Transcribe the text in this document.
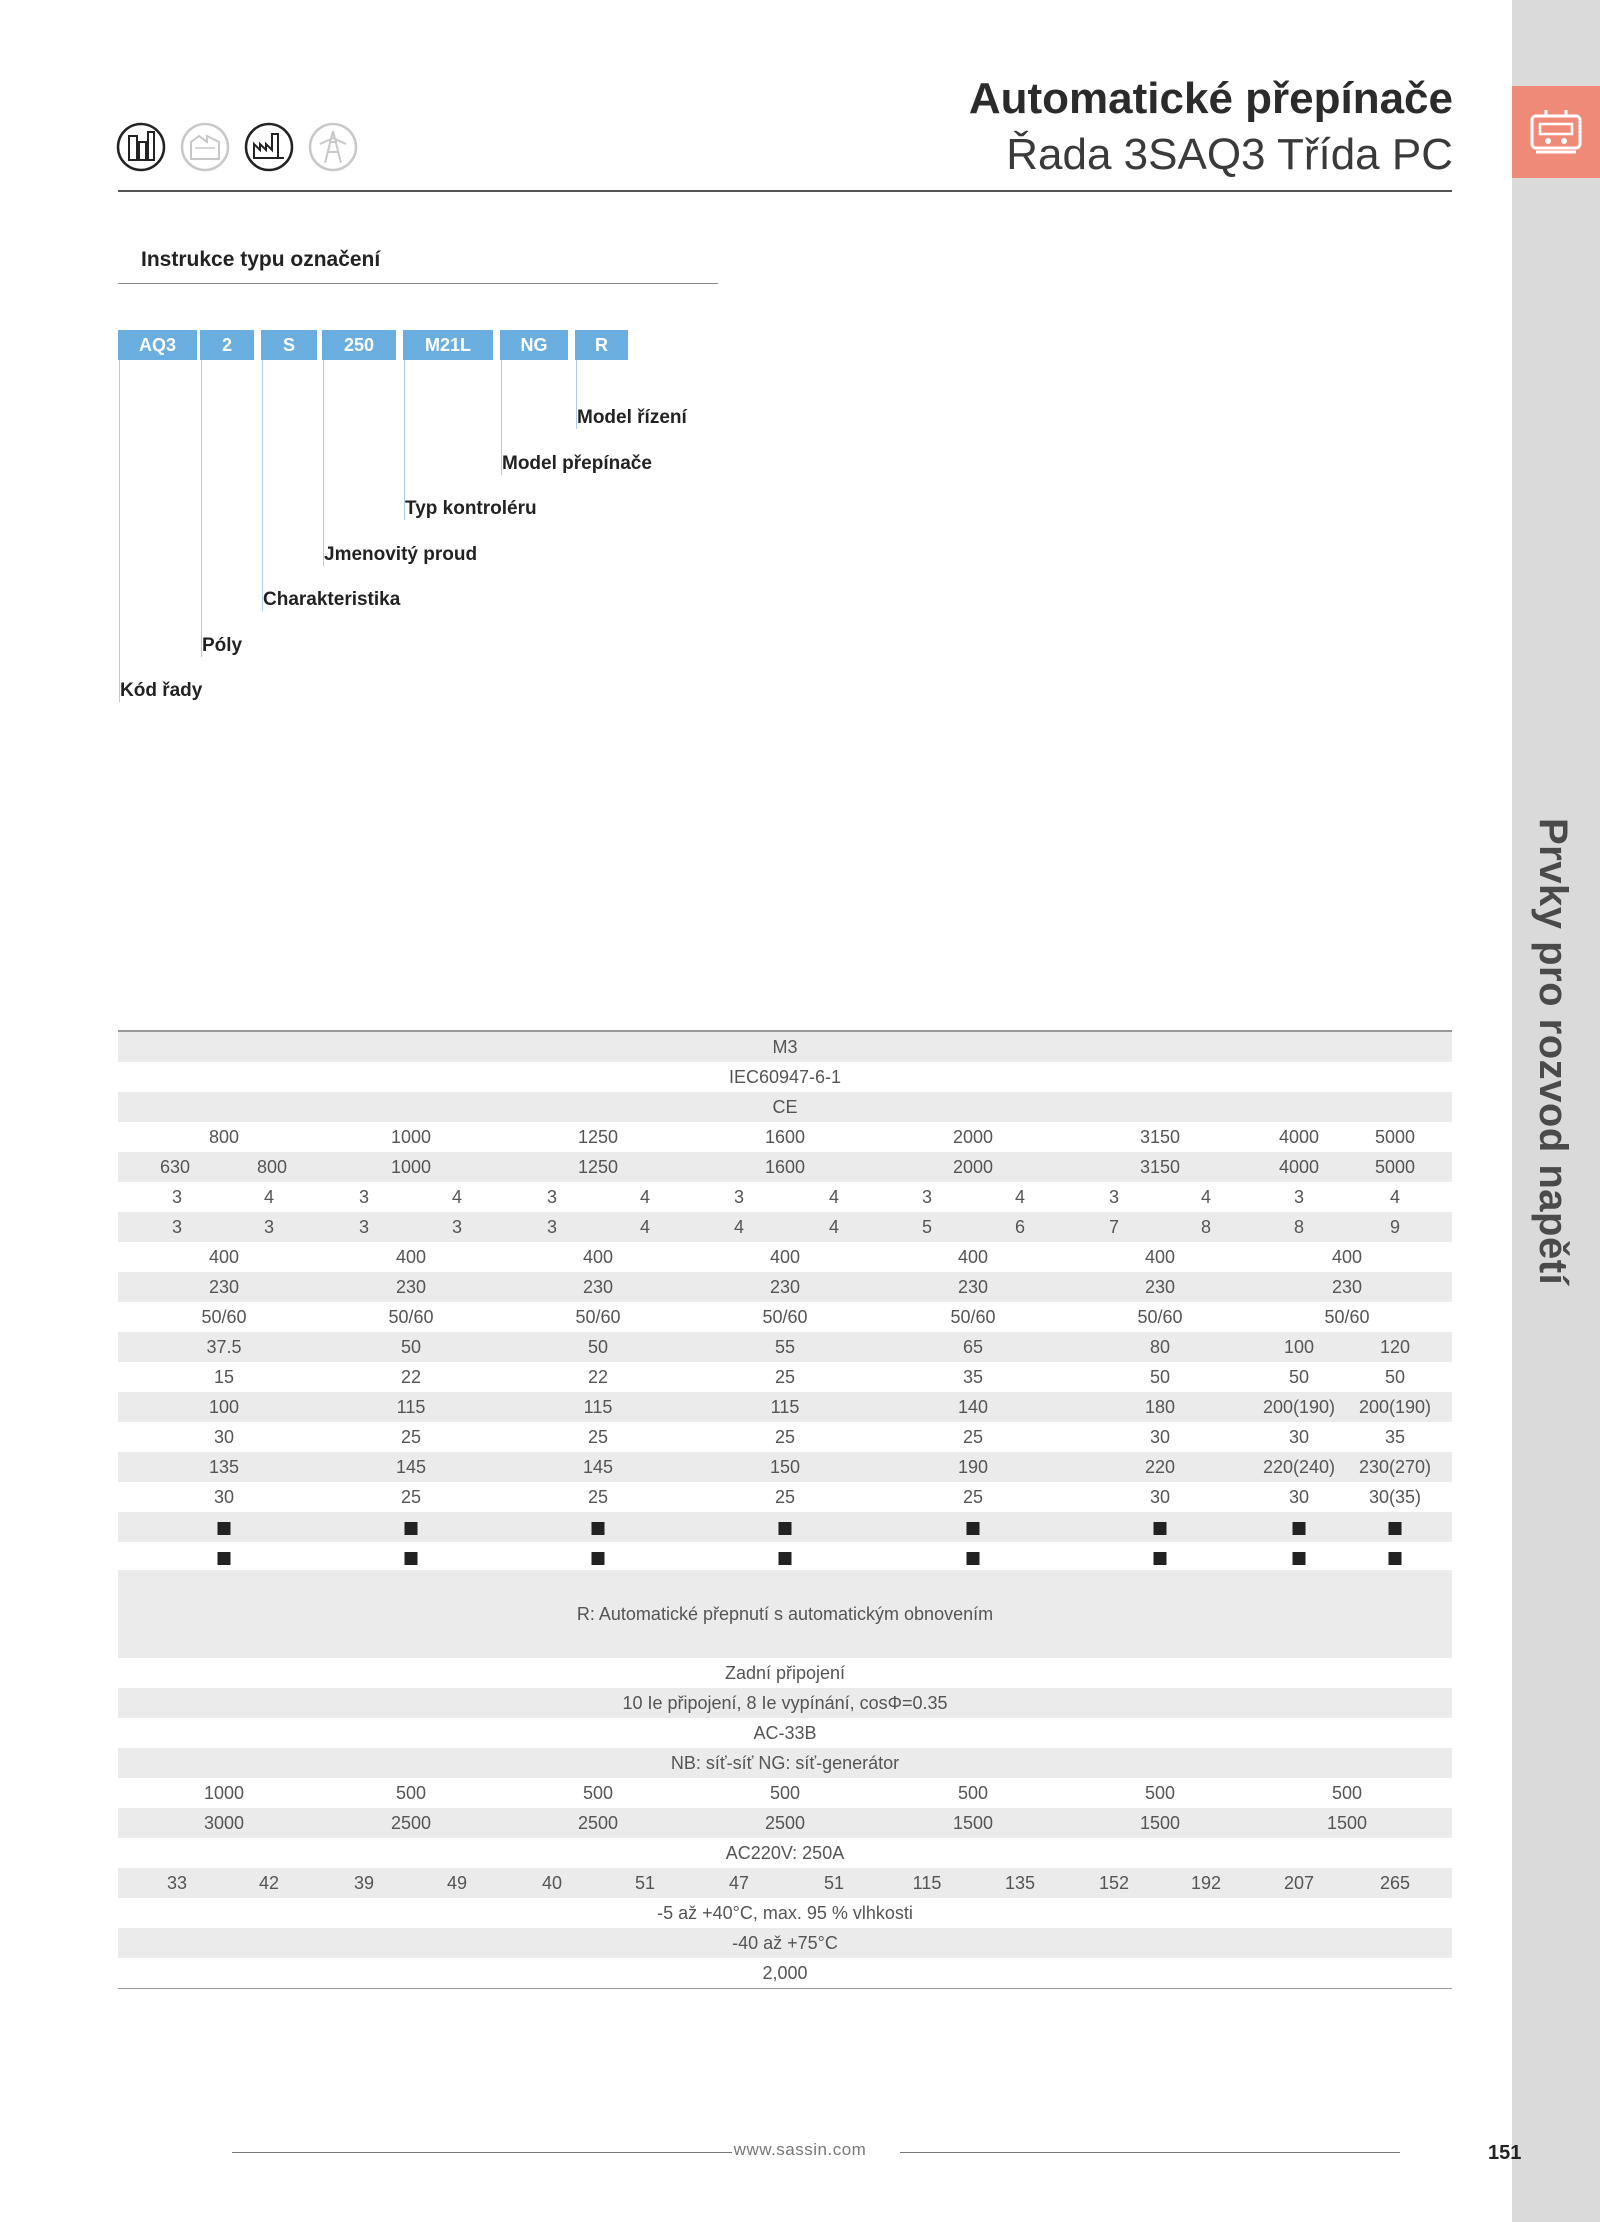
Prvky pro rozvod napětí
Automatické přepínače
Řada 3SAQ3 Třída PC
Instrukce typu označení
AQ3	2	S	250	M21L	NG	R
Model řízení
Model přepínače
Typ kontroléru
Jmenovitý proud
Charakteristika
Póly
Kód řady
M3
IEC60947-6-1
CE
800	1000	1250	1600	2000	3150	4000	5000
630	800	1000	1250	1600	2000	3150	4000	5000
3	4	3	4	3	4	3	4	3	4	3	4	3	4
3	3	3	3	3	4	4	4	5	6	7	8	8	9
400	400	400	400	400	400	400
230	230	230	230	230	230	230
50/60	50/60	50/60	50/60	50/60	50/60	50/60
37.5	50	50	55	65	80	100	120
15	22	22	25	35	50	50	50
100	115	115	115	140	180	200(190) 200(190)
30	25	25	25	25	30	30	35
135	145	145	150	190	220	220(240) 230(270)
30	25	25	25	25	30	30	30(35)
R: Automatické přepnutí s automatickým obnovením
Zadní připojení
10 Ie připojení, 8 Ie vypínání, cosΦ=0.35
AC-33B
NB: síť-síť NG: síť-generátor
1000	500	500	500	500	500	500
3000	2500	2500	2500	1500	1500	1500
AC220V: 250A
33	42	39	49	40	51	47	51	115	135	152	192	207	265
-5 až +40°C, max. 95 % vlhkosti
-40 až +75°C
2,000
www.sassin.com	151
